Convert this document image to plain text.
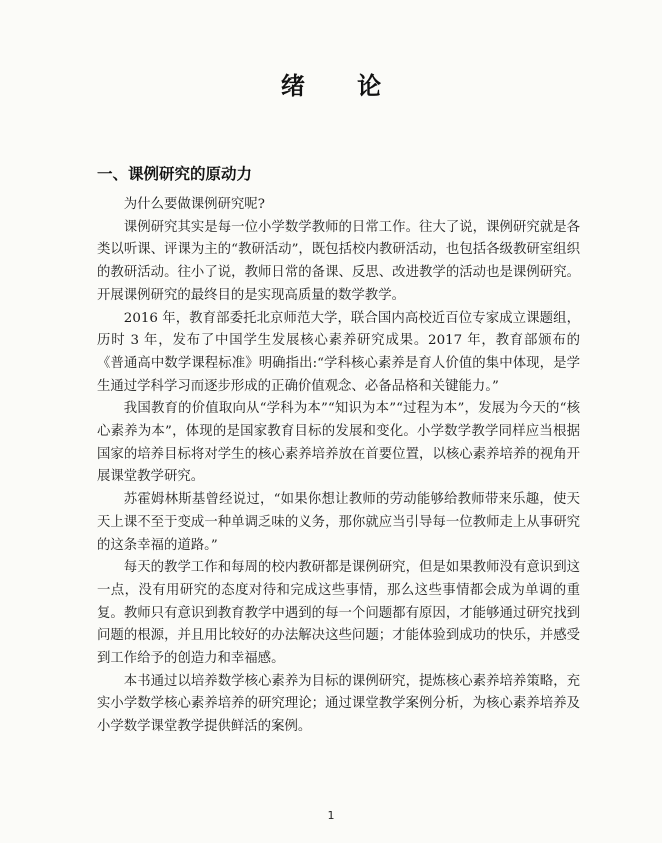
绪 论
一、课例研究的原动力

为什么要做课例研究呢?

课例研究其实是每一位小学数学教师的日常工作。往大了说，课例研究就是各类以听课、评课为主的“教研活动”，既包括校内教研活动，也包括各级教研室组织的教研活动。往小了说，教师日常的备课、反思、改进教学的活动也是课例研究。开展课例研究的最终目的是实现高质量的数学教学。

2016 年，教育部委托北京师范大学，联合国内高校近百位专家成立课题组，历时 3 年，发布了中国学生发展核心素养研究成果。2017 年，教育部颁布的《普通高中数学课程标准》明确指出:“学科核心素养是育人价值的集中体现，是学生通过学科学习而逐步形成的正确价值观念、必备品格和关键能力。”

我国教育的价值取向从“学科为本”“知识为本”“过程为本”，发展为今天的“核心素养为本”，体现的是国家教育目标的发展和变化。小学数学教学同样应当根据国家的培养目标将对学生的核心素养培养放在首要位置，以核心素养培养的视角开展课堂教学研究。

苏霍姆林斯基曾经说过，“如果你想让教师的劳动能够给教师带来乐趣，使天天上课不至于变成一种单调乏味的义务，那你就应当引导每一位教师走上从事研究的这条幸福的道路。”

每天的教学工作和每周的校内教研都是课例研究，但是如果教师没有意识到这一点，没有用研究的态度对待和完成这些事情，那么这些事情都会成为单调的重复。教师只有意识到教育教学中遇到的每一个问题都有原因，才能够通过研究找到问题的根源，并且用比较好的办法解决这些问题；才能体验到成功的快乐，并感受到工作给予的创造力和幸福感。

本书通过以培养数学核心素养为目标的课例研究，提炼核心素养培养策略，充实小学数学核心素养培养的研究理论；通过课堂教学案例分析，为核心素养培养及小学数学课堂教学提供鲜活的案例。

1
